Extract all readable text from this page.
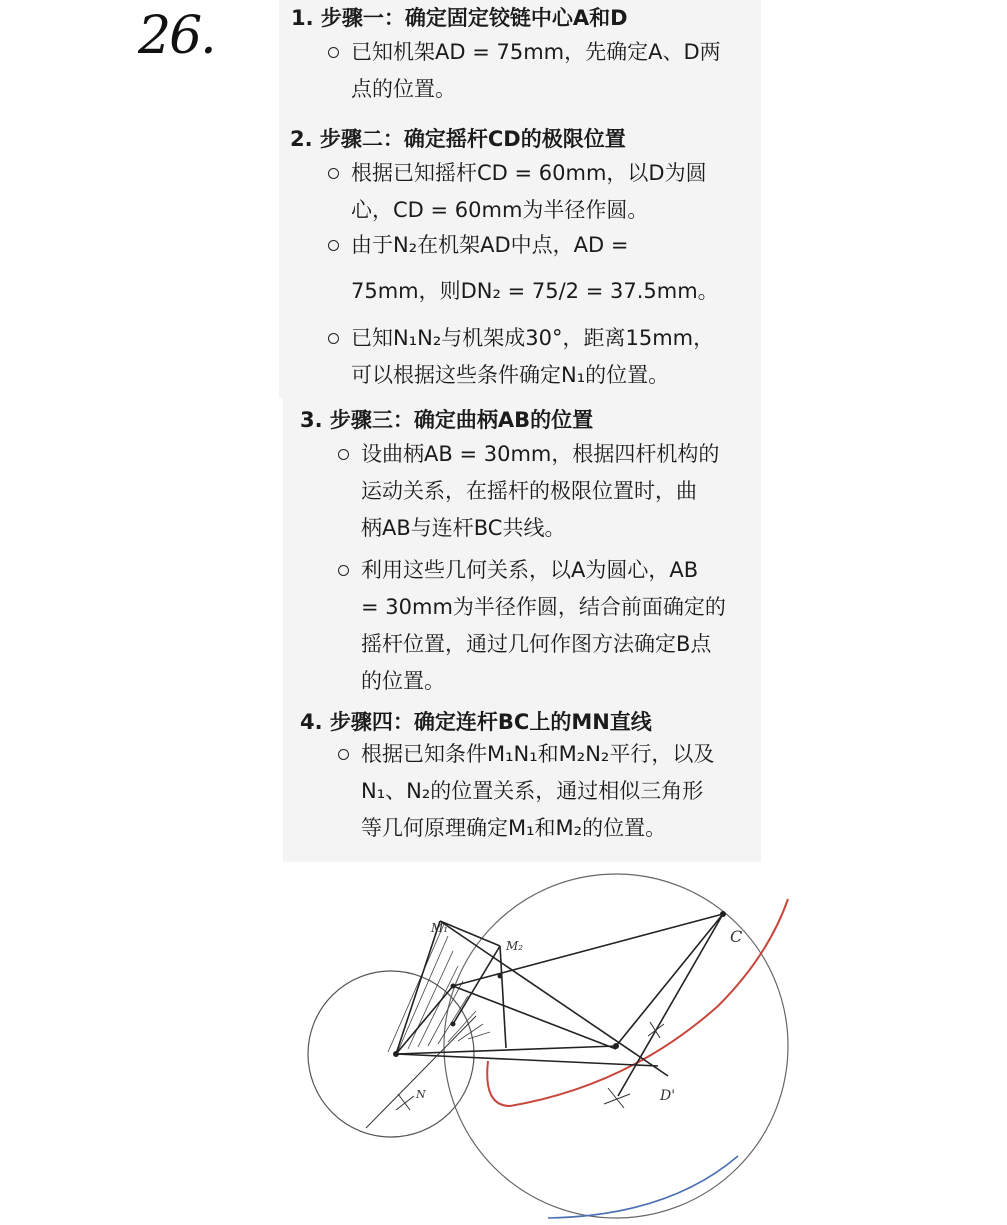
26.	1. 步骤一：确定固定铰链中心A和D
已知机架AD = 75mm，先确定A、D两
点的位置。
2. 步骤二：确定摇杆CD的极限位置
根据已知摇杆CD = 60mm，以D为圆
心，CD = 60mm为半径作圆。
由于N₂在机架AD中点，AD =
75mm，则DN₂ = 75/2 = 37.5mm。
已知N₁N₂与机架成30°，距离15mm，
可以根据这些条件确定N₁的位置。
3. 步骤三：确定曲柄AB的位置
设曲柄AB = 30mm，根据四杆机构的
运动关系，在摇杆的极限位置时，曲
柄AB与连杆BC共线。
利用这些几何关系，以A为圆心，AB
= 30mm为半径作圆，结合前面确定的
摇杆位置，通过几何作图方法确定B点
的位置。
4. 步骤四：确定连杆BC上的MN直线
根据已知条件M₁N₁和M₂N₂平行，以及
N₁、N₂的位置关系，通过相似三角形
等几何原理确定M₁和M₂的位置。
C
D'
M₁
M₂
N
